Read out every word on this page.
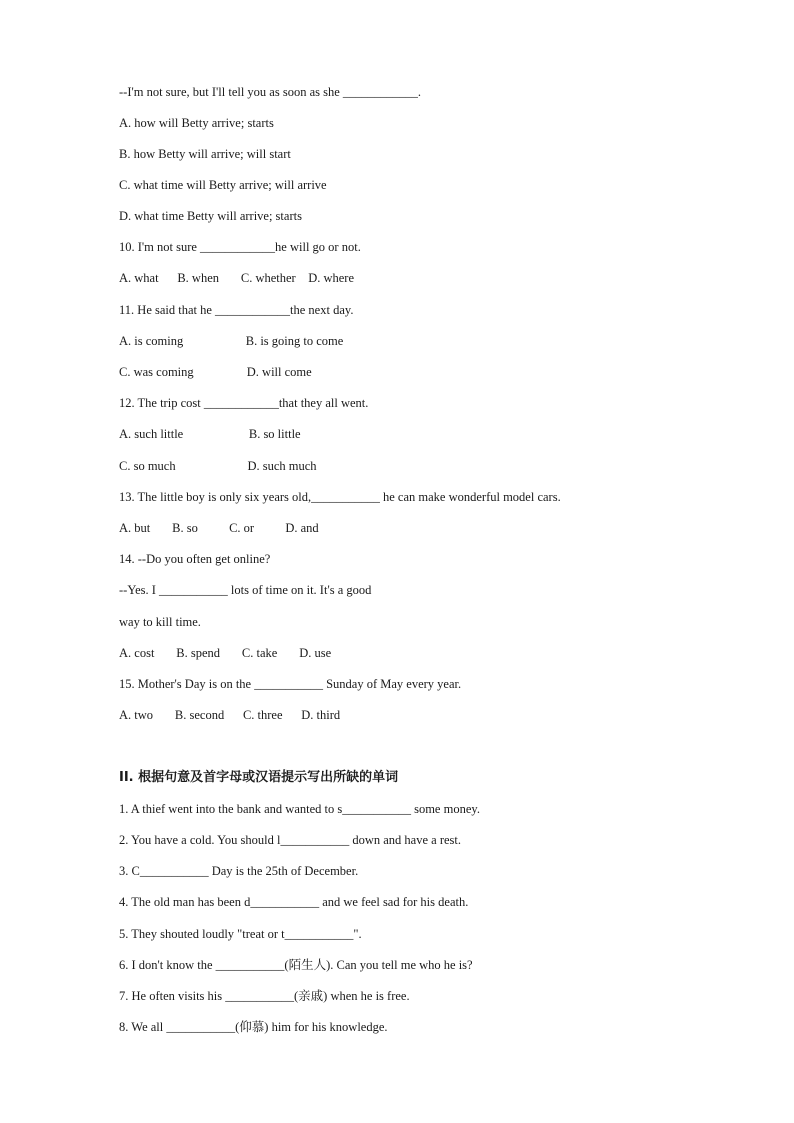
--I'm not sure, but I'll tell you as soon as she ____________.
A. how will Betty arrive; starts
B. how Betty will arrive; will start
C. what time will Betty arrive; will arrive
D. what time Betty will arrive; starts
10. I'm not sure ____________he will go or not.
A. what      B. when       C. whether    D. where
11. He said that he ____________the next day.
A. is coming                    B. is going to come
C. was coming                 D. will come
12. The trip cost ____________that they all went.
A. such little                     B. so little
C. so much                       D. such much
13. The little boy is only six years old,___________ he can make wonderful model cars.
A. but       B. so          C. or          D. and
14. --Do you often get online?
--Yes. I ___________ lots of time on it. It's a good
way to kill time.
A. cost       B. spend       C. take       D. use
15. Mother's Day is on the ___________ Sunday of May every year.
A. two       B. second      C. three      D. third
II. 根据句意及首字母或汉语提示写出所缺的单词
1. A thief went into the bank and wanted to s___________ some money.
2. You have a cold. You should l___________ down and have a rest.
3. C___________ Day is the 25th of December.
4. The old man has been d___________ and we feel sad for his death.
5. They shouted loudly "treat or t___________".
6. I don't know the ___________(陌生人). Can you tell me who he is?
7. He often visits his ___________(亲戚) when he is free.
8. We all ___________(仰慕) him for his knowledge.
